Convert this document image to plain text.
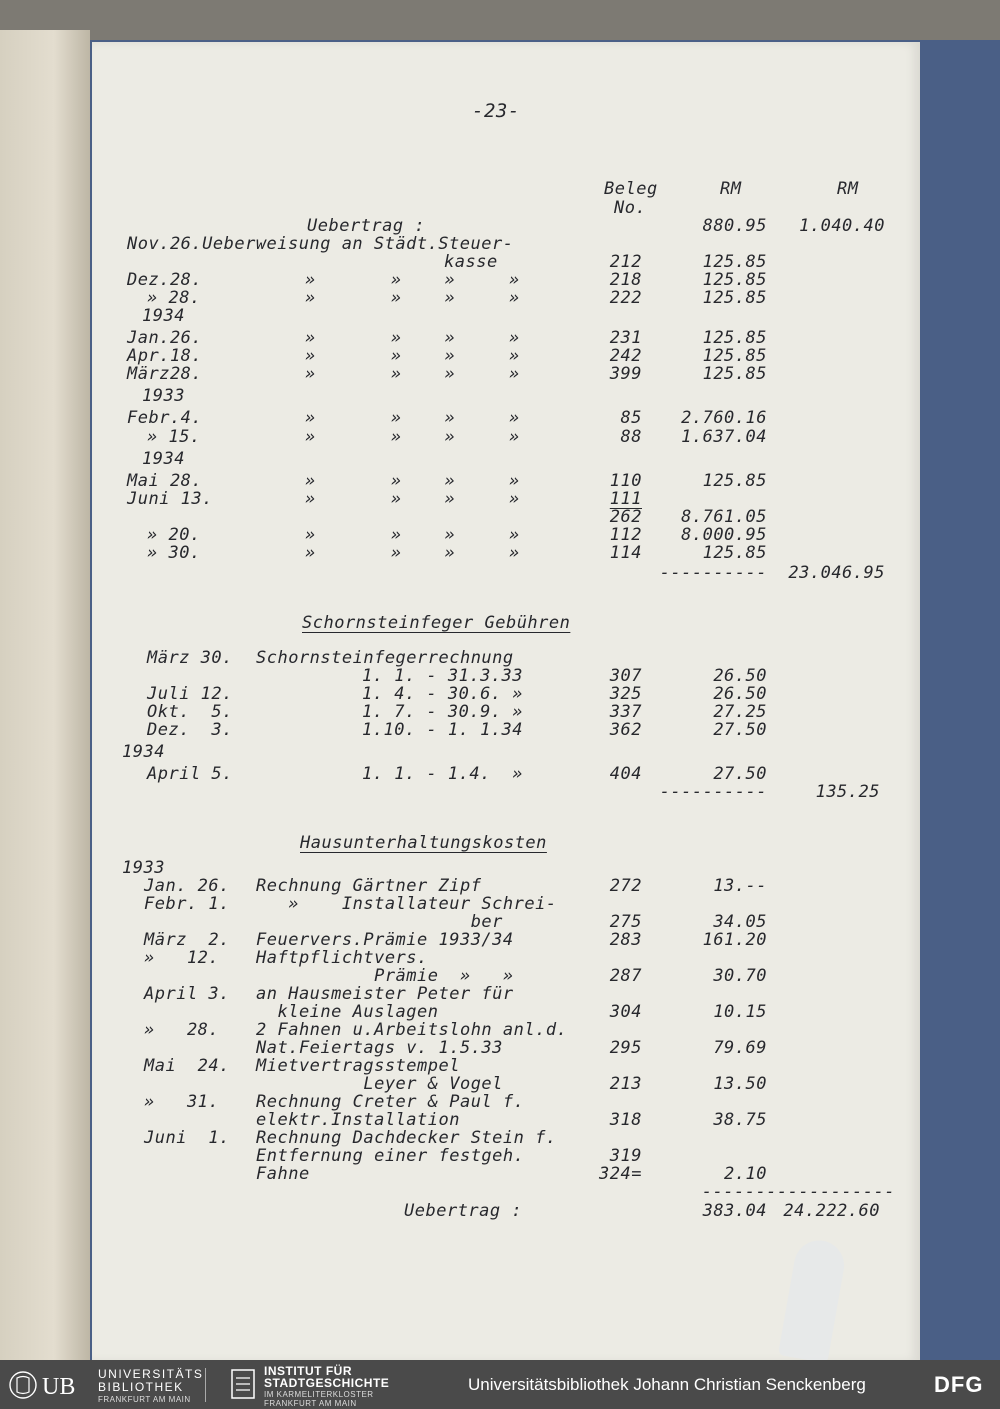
-23-
Beleg
No.
RM	RM
Uebertrag :	880.95 1.040.40
Nov.26.Ueberweisung an Städt.Steuer-
kasse	212	125.85
Dez.28.	»       »    »     »	218	125.85
» 28.	»       »    »     »	222	125.85
1934
Jan.26.	»       »    »     »	231	125.85
Apr.18.	»       »    »     »	242	125.85
März28.	»       »    »     »	399	125.85
1933
Febr.4.	»       »    »     »	85 2.760.16
» 15.	»       »    »     »	88 1.637.04
1934
Mai 28.	»       »    »     »	110	125.85
Juni 13.	»       »    »     »	111
262 8.761.05
» 20.	»       »    »     »	112 8.000.95
» 30.	»       »    »     »	114	125.85
---------- 23.046.95
Schornsteinfeger Gebühren
März 30. Schornsteinfegerrechnung
1. 1. - 31.3.33	307	26.50
Juli 12.	1. 4. - 30.6. »	325	26.50
Okt.  5.	1. 7. - 30.9. »	337	27.25
Dez.  3.	1.10. - 1. 1.34	362	27.50
1934
April 5.	1. 1. - 1.4.  »	404	27.50
----------	135.25
Hausunterhaltungskosten
1933
Jan. 26. Rechnung Gärtner Zipf	272	13.--
Febr. 1. »    Installateur Schrei-
ber	275	34.05
März  2. Feuervers.Prämie 1933/34	283	161.20
»   12. Haftpflichtvers.
Prämie  »   »	287	30.70
April 3. an Hausmeister Peter für
kleine Auslagen	304	10.15
»   28. 2 Fahnen u.Arbeitslohn anl.d.
Nat.Feiertags v. 1.5.33	295	79.69
Mai  24. Mietvertragsstempel
Leyer & Vogel	213	13.50
»   31. Rechnung Creter & Paul f.
elektr.Installation	318	38.75
Juni  1. Rechnung Dachdecker Stein f.
Entfernung einer festgeh.	319
Fahne	324=	2.10
------------------
Uebertrag :	383.04 24.222.60
UB UNIVERSITÄTS
BIBLIOTHEK
FRANKFURT AM MAIN
INSTITUT FÜR
STADTGESCHICHTE
IM KARMELITERKLOSTER
FRANKFURT AM MAIN
Universitätsbibliothek Johann Christian Senckenberg	DFG
